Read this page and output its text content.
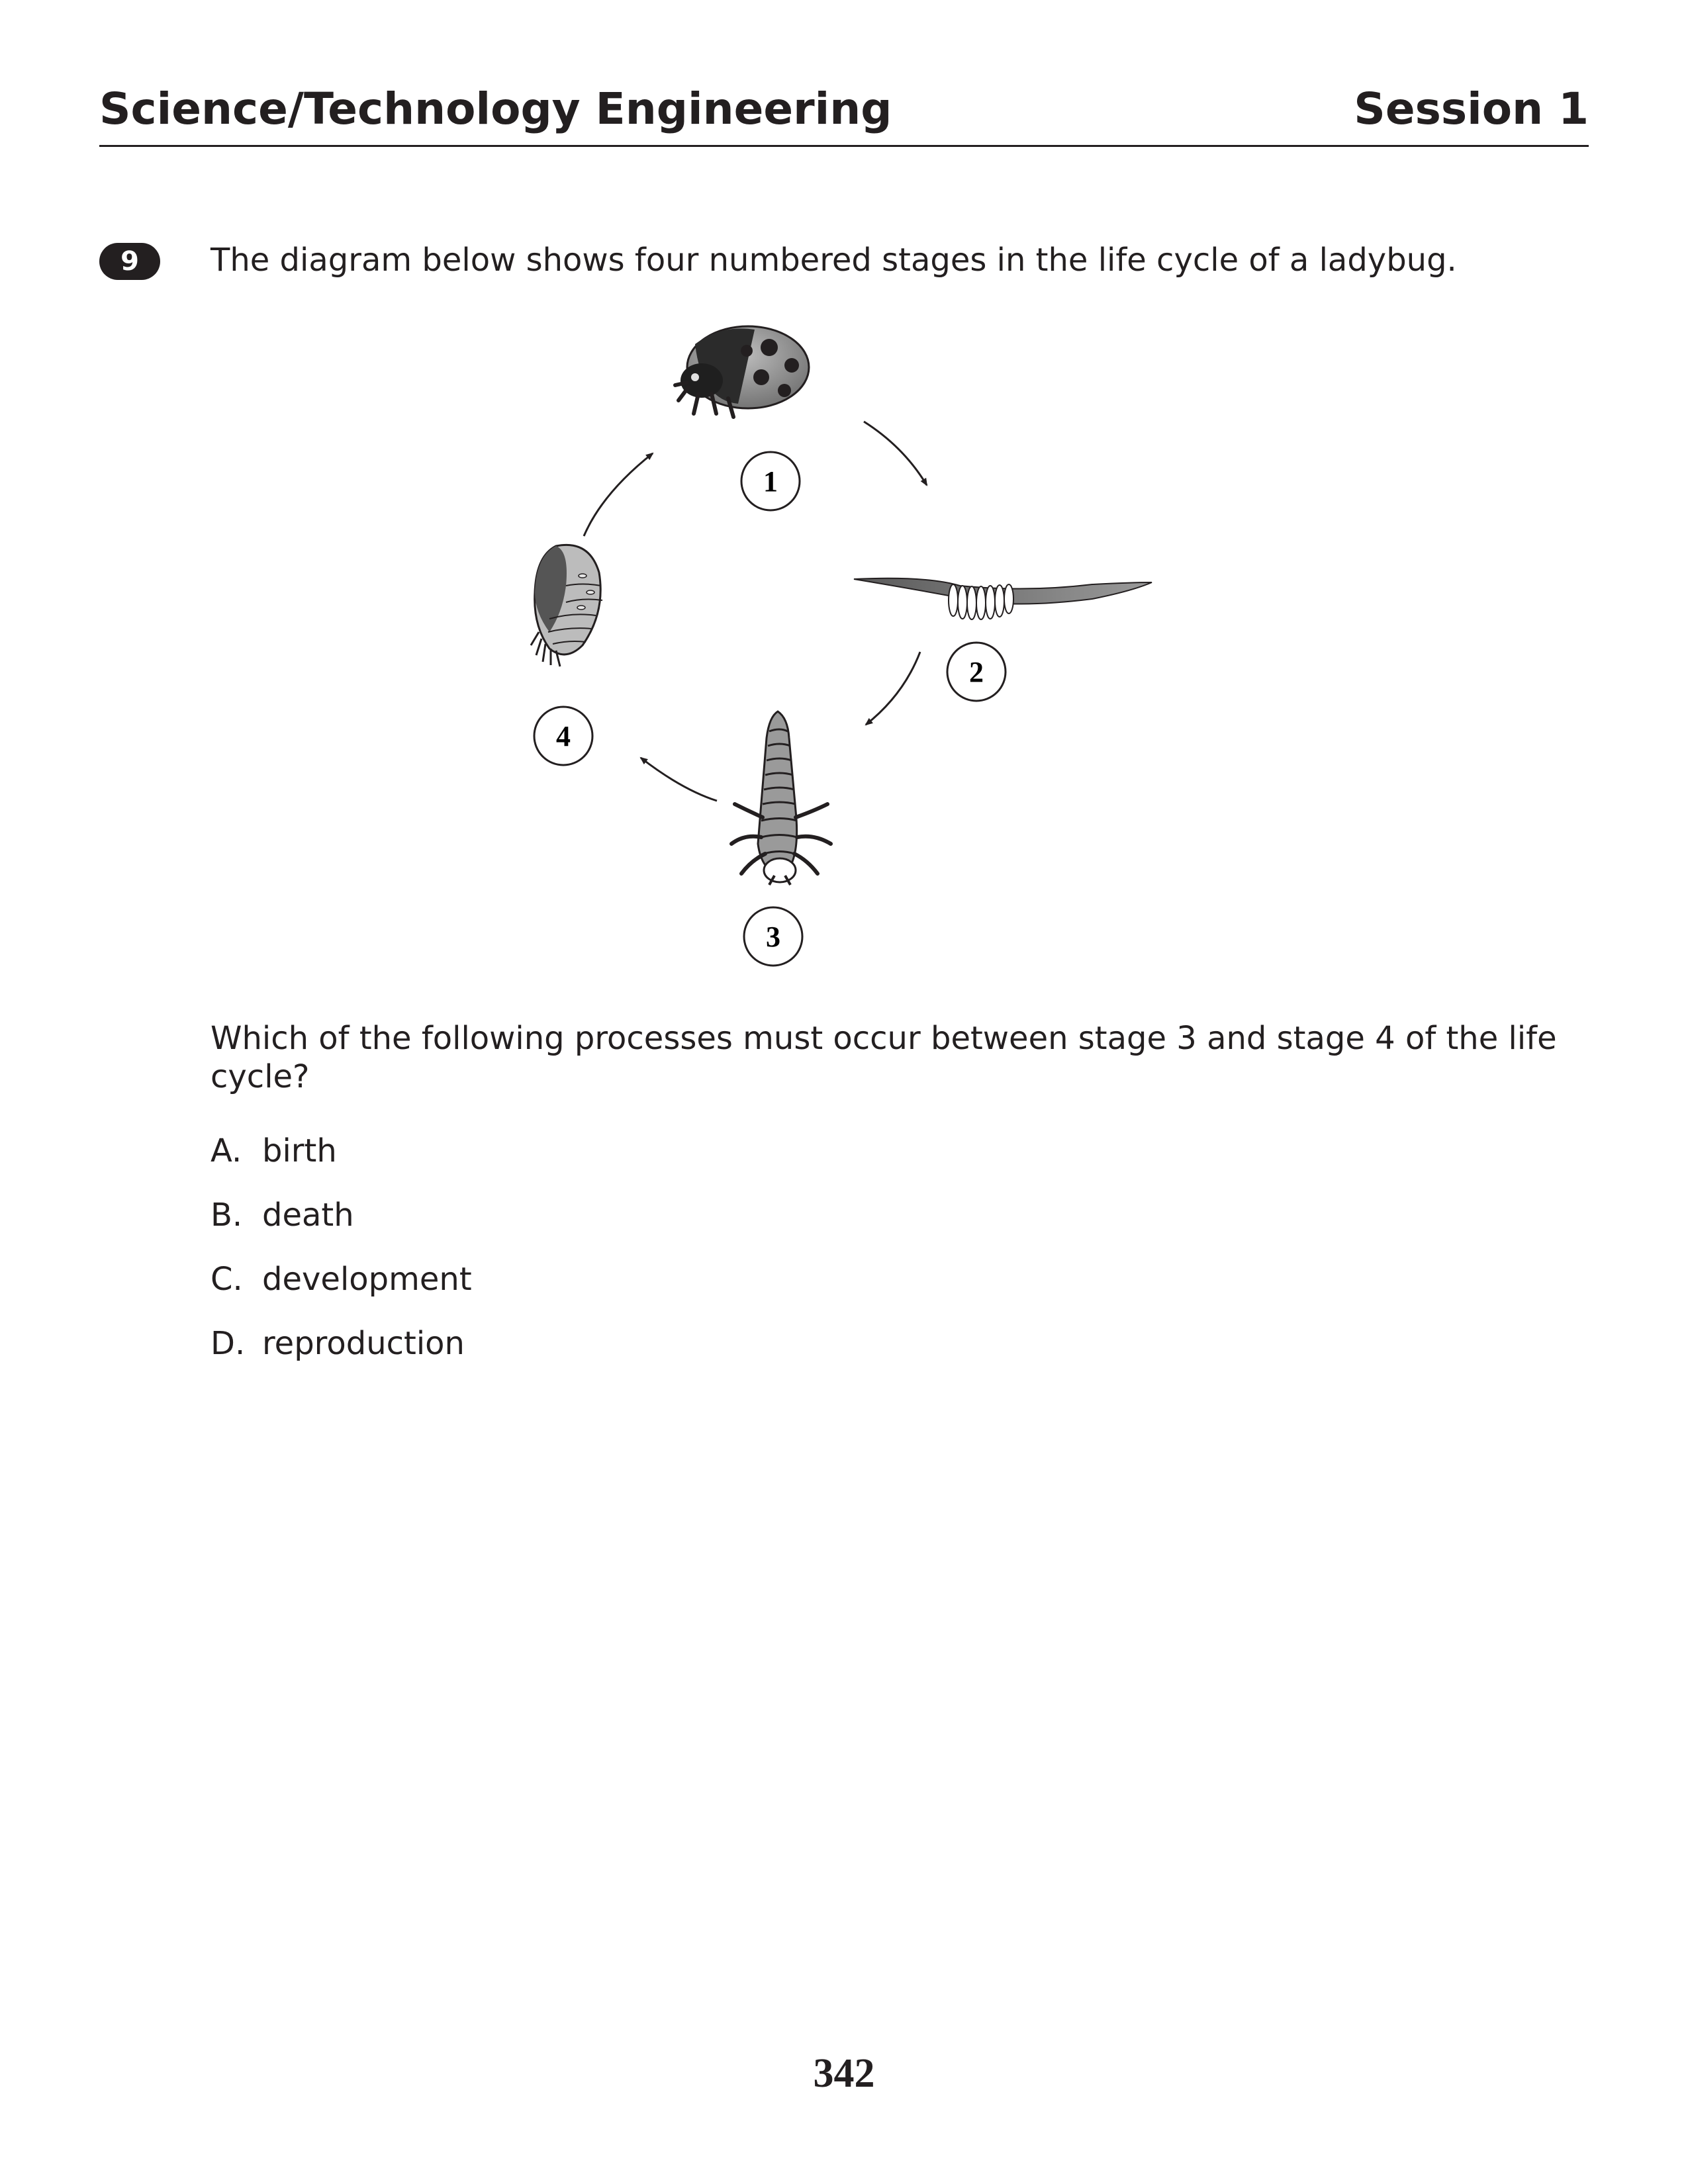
Science/Technology Engineering	Session 1
9	The diagram below shows four numbered stages in the life cycle of a ladybug.
1
2
3
4
Which of the following processes must occur between stage 3 and stage 4 of the life cycle?
A. birth
B. death
C. development
D. reproduction
342
